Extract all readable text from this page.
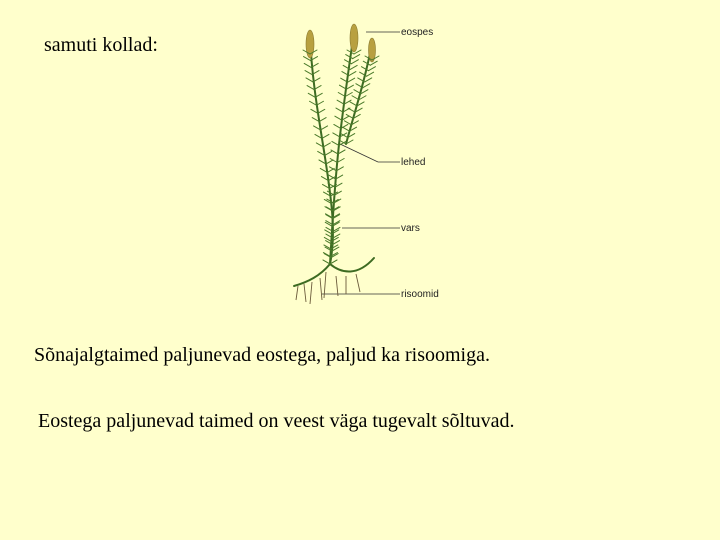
samuti kollad:
eospes
lehed
vars
risoomid
Sõnajalgtaimed paljunevad eostega, paljud ka risoomiga.
Eostega paljunevad taimed on veest väga tugevalt sõltuvad.
